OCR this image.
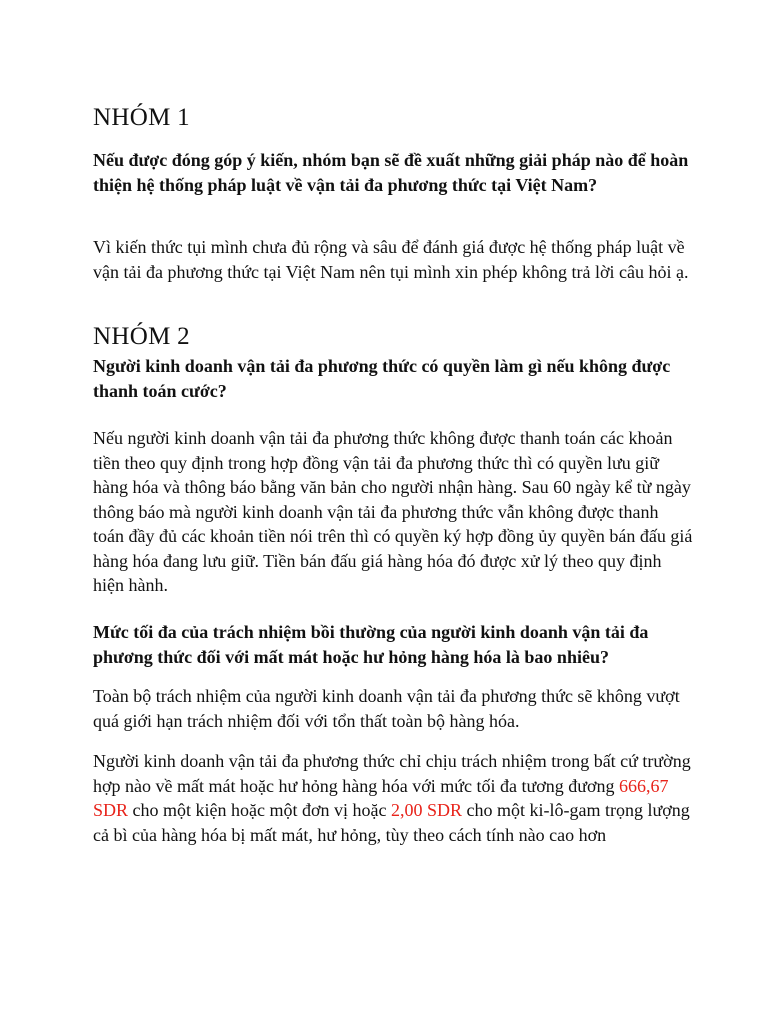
NHÓM 1

Nếu được đóng góp ý kiến, nhóm bạn sẽ đề xuất những giải pháp nào để hoàn thiện hệ thống pháp luật về vận tải đa phương thức tại Việt Nam?

Vì kiến thức tụi mình chưa đủ rộng và sâu để đánh giá được hệ thống pháp luật về vận tải đa phương thức tại Việt Nam nên tụi mình xin phép không trả lời câu hỏi ạ.

NHÓM 2

Người kinh doanh vận tải đa phương thức có quyền làm gì nếu không được thanh toán cước?

Nếu người kinh doanh vận tải đa phương thức không được thanh toán các khoản tiền theo quy định trong hợp đồng vận tải đa phương thức thì có quyền lưu giữ hàng hóa và thông báo bằng văn bản cho người nhận hàng. Sau 60 ngày kể từ ngày thông báo mà người kinh doanh vận tải đa phương thức vẫn không được thanh toán đầy đủ các khoản tiền nói trên thì có quyền ký hợp đồng ủy quyền bán đấu giá hàng hóa đang lưu giữ. Tiền bán đấu giá hàng hóa đó được xử lý theo quy định hiện hành.

Mức tối đa của trách nhiệm bồi thường của người kinh doanh vận tải đa phương thức đối với mất mát hoặc hư hỏng hàng hóa là bao nhiêu?

Toàn bộ trách nhiệm của người kinh doanh vận tải đa phương thức sẽ không vượt quá giới hạn trách nhiệm đối với tổn thất toàn bộ hàng hóa.

Người kinh doanh vận tải đa phương thức chỉ chịu trách nhiệm trong bất cứ trường hợp nào về mất mát hoặc hư hỏng hàng hóa với mức tối đa tương đương 666,67 SDR cho một kiện hoặc một đơn vị hoặc 2,00 SDR cho một ki-lô-gam trọng lượng cả bì của hàng hóa bị mất mát, hư hỏng, tùy theo cách tính nào cao hơn
